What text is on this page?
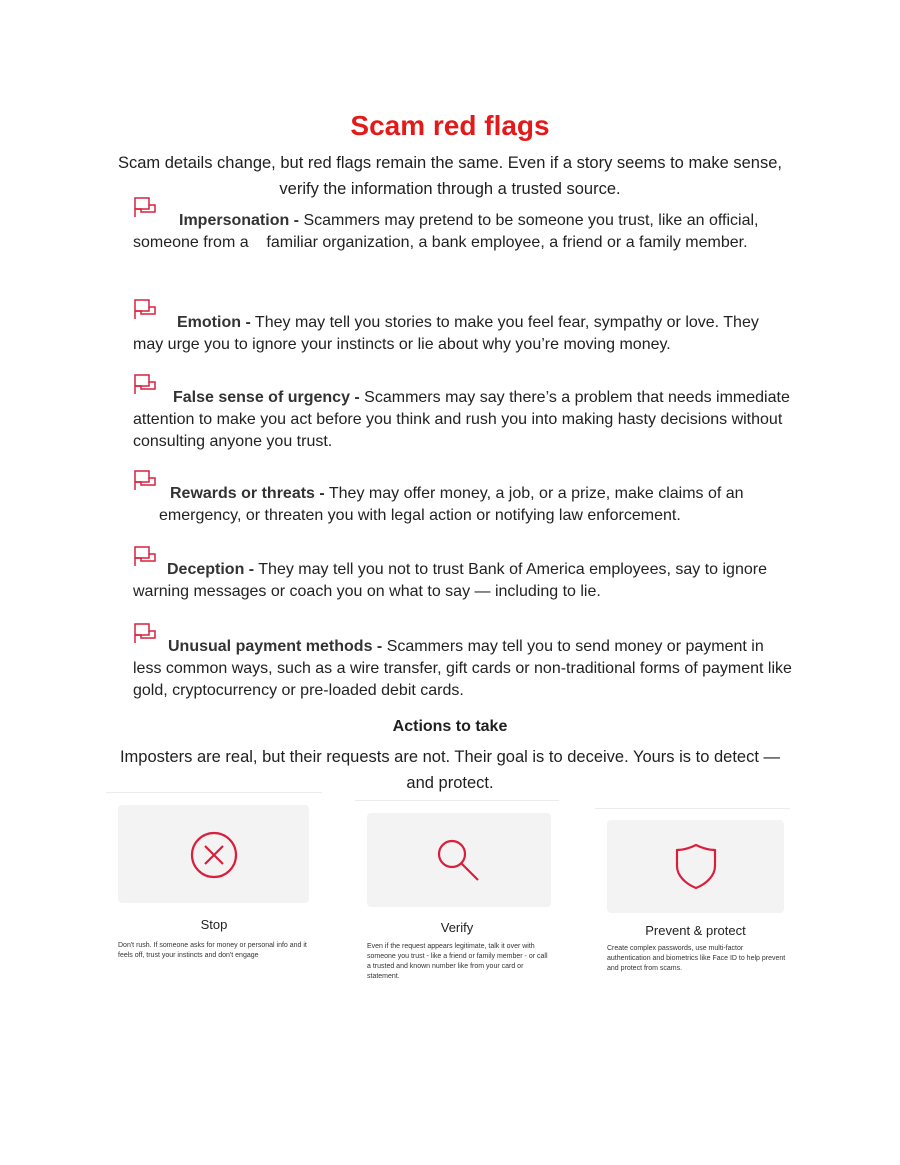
Scam red flags
Scam details change, but red flags remain the same. Even if a story seems to make sense, verify the information through a trusted source.
Impersonation - Scammers may pretend to be someone you trust, like an official, someone from a    familiar organization, a bank employee, a friend or a family member.
Emotion - They may tell you stories to make you feel fear, sympathy or love. They may urge you to ignore your instincts or lie about why you’re moving money.
False sense of urgency - Scammers may say there’s a problem that needs immediate attention to make you act before you think and rush you into making hasty decisions without consulting anyone you trust.
Rewards or threats - They may offer money, a job, or a prize, make claims of an emergency, or threaten you with legal action or notifying law enforcement.
Deception - They may tell you not to trust Bank of America employees, say to ignore warning messages or coach you on what to say — including to lie.
Unusual payment methods - Scammers may tell you to send money or payment in less common ways, such as a wire transfer, gift cards or non-traditional forms of payment like gold, cryptocurrency or pre-loaded debit cards.
Actions to take
Imposters are real, but their requests are not. Their goal is to deceive. Yours is to detect — and protect.
Stop
Don't rush. If someone asks for money or personal info and it feels off, trust your instincts and don't engage
Verify
Even if the request appears legitimate, talk it over with someone you trust - like a friend or family member - or call a trusted and known number like from your card or statement.
Prevent & protect
Create complex passwords, use multi-factor authentication and biometrics like Face ID to help prevent and protect from scams.
